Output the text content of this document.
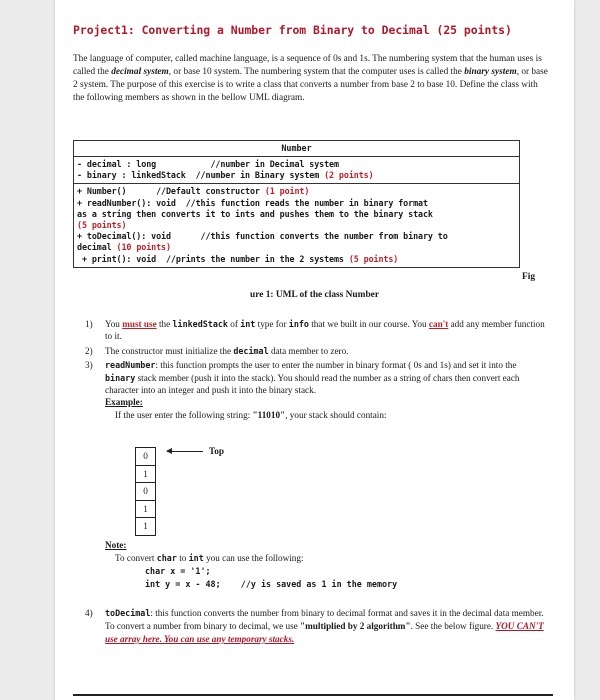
Project1: Converting a Number from Binary to Decimal (25 points)
The language of computer, called machine language, is a sequence of 0s and 1s. The numbering system that the human uses is called the decimal system, or base 10 system. The numbering system that the computer uses is called the binary system, or base 2 system. The purpose of this exercise is to write a class that converts a number from base 2 to base 10. Define the class with the following members as shown in the bellow UML diagram.
Number
- decimal : long           //number in Decimal system
- binary : linkedStack  //number in Binary system (2 points)
+ Number()      //Default constructor (1 point)
+ readNumber(): void  //this function reads the number in binary format
as a string then converts it to ints and pushes them to the binary stack
(5 points)
+ toDecimal(): void      //this function converts the number from binary to
decimal (10 points)
+ print(): void  //prints the number in the 2 systems (5 points)
Fig
ure 1: UML of the class Number
1) You must use the linkedStack of int type for info that we built in our course. You can't add any member function to it.
2) The constructor must initialize the decimal data member to zero.
3) readNumber: this function prompts the user to enter the number in binary format ( 0s and 1s) and set it into the binary stack member (push it into the stack). You should read the number as a string of chars then convert each character into an integer and push it into the binary stack.
Example:
If the user enter the following string: "11010", your stack should contain:
0
1
0
1
1
Top
Note:
To convert char to int you can use the following:
char x = '1';
int y = x - 48;    //y is saved as 1 in the memory
4) toDecimal: this function converts the number from binary to decimal format and saves it in the decimal data member. To convert a number from binary to decimal, we use "multiplied by 2 algorithm". See the below figure. YOU CAN'T use array here. You can use any temporary stacks.
